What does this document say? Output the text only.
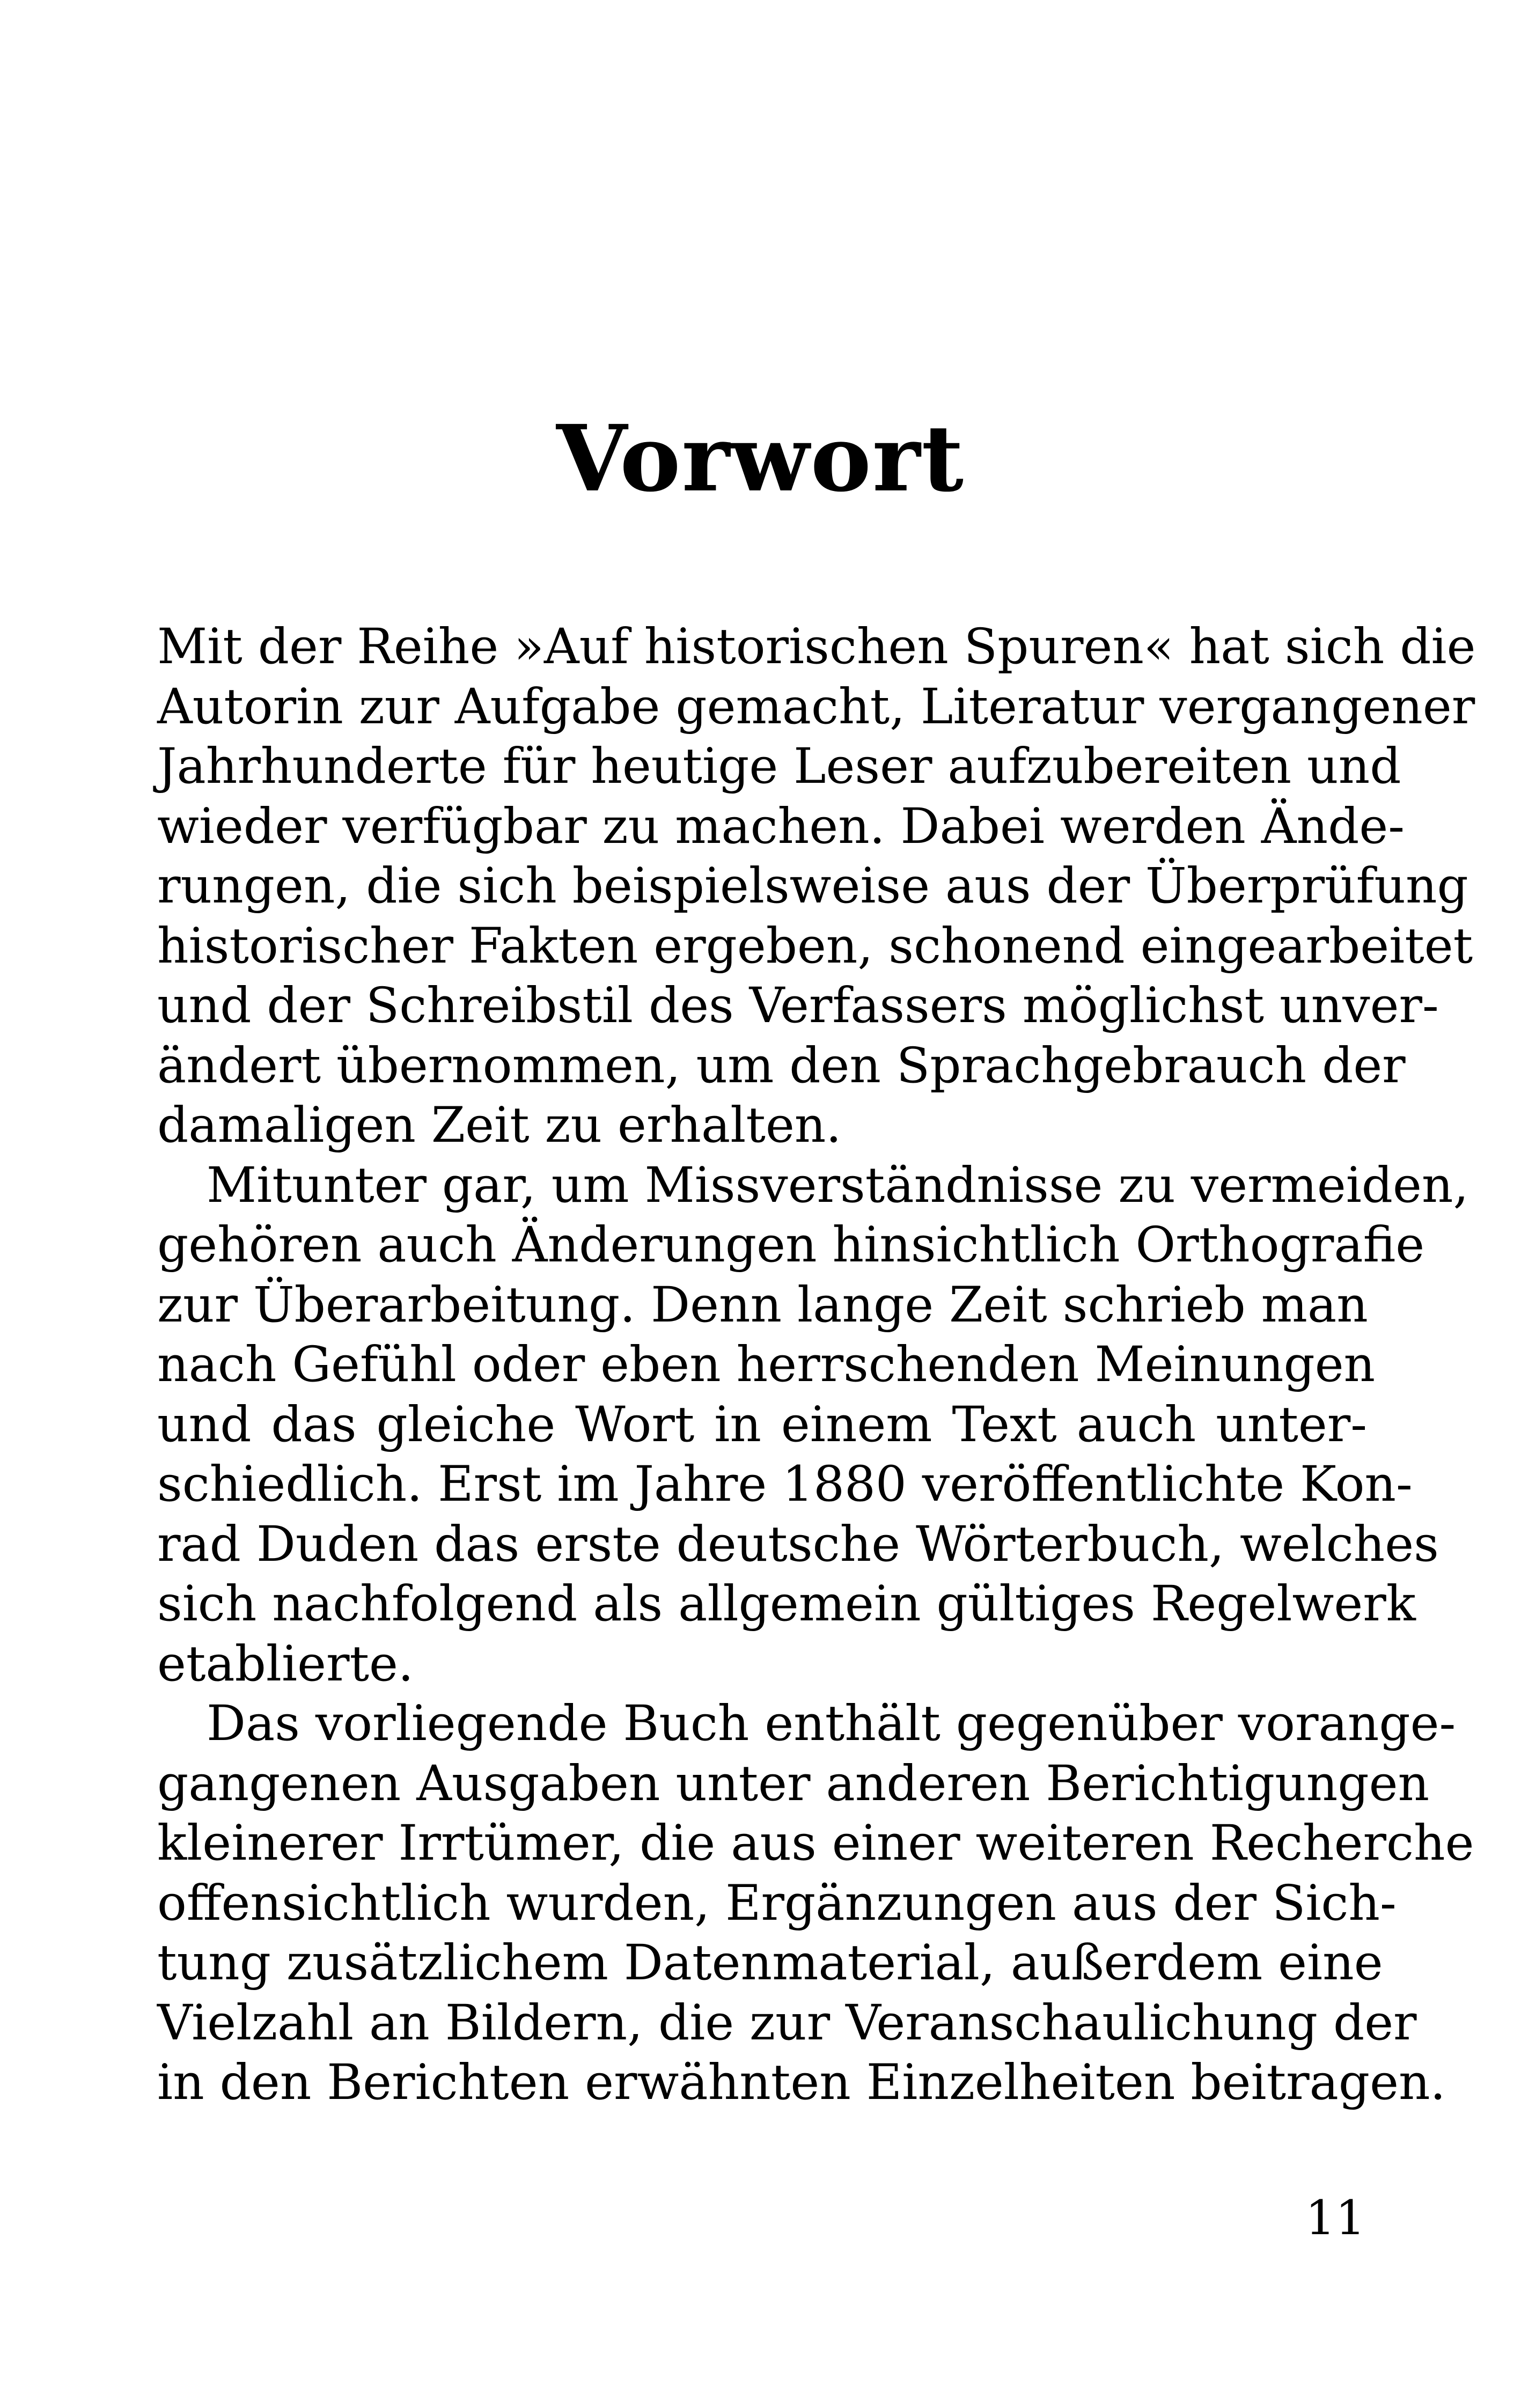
Vorwort
Mit der Reihe »Auf historischen Spuren« hat sich die
Autorin zur Aufgabe gemacht, Literatur vergangener
Jahrhunderte für heutige Leser aufzubereiten und
wieder verfügbar zu machen. Dabei werden Ände-
rungen, die sich beispielsweise aus der Überprüfung
historischer Fakten ergeben, schonend eingearbeitet
und der Schreibstil des Verfassers möglichst unver-
ändert übernommen, um den Sprachgebrauch der
damaligen Zeit zu erhalten.
Mitunter gar, um Missverständnisse zu vermeiden,
gehören auch Änderungen hinsichtlich Orthografie
zur Überarbeitung. Denn lange Zeit schrieb man
nach Gefühl oder eben herrschenden Meinungen
und das gleiche Wort in einem Text auch unter-
schiedlich. Erst im Jahre 1880 veröffentlichte Kon-
rad Duden das erste deutsche Wörterbuch, welches
sich nachfolgend als allgemein gültiges Regelwerk
etablierte.
Das vorliegende Buch enthält gegenüber vorange-
gangenen Ausgaben unter anderen Berichtigungen
kleinerer Irrtümer, die aus einer weiteren Recherche
offensichtlich wurden, Ergänzungen aus der Sich-
tung zusätzlichem Datenmaterial, außerdem eine
Vielzahl an Bildern, die zur Veranschaulichung der
in den Berichten erwähnten Einzelheiten beitragen.
11
